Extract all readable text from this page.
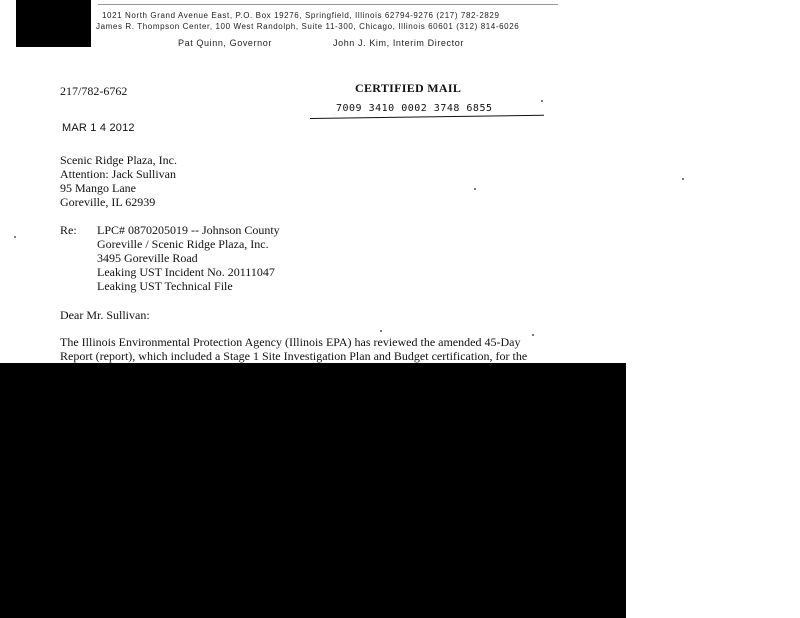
1021 North Grand Avenue East, P.O. Box 19276, Springfield, Illinois 62794-9276 (217) 782-2829
James R. Thompson Center, 100 West Randolph, Suite 11-300, Chicago, Illinois 60601 (312) 814-6026
Pat Quinn, Governor	John J. Kim, Interim Director
217/782-6762	CERTIFIED MAIL
7009 3410 0002 3748 6855
MAR 1 4 2012
Scenic Ridge Plaza, Inc.
Attention: Jack Sullivan
95 Mango Lane
Goreville, IL 62939
Re: LPC# 0870205019 -- Johnson County
Goreville / Scenic Ridge Plaza, Inc.
3495 Goreville Road
Leaking UST Incident No. 20111047
Leaking UST Technical File
Dear Mr. Sullivan:
The Illinois Environmental Protection Agency (Illinois EPA) has reviewed the amended 45-Day
Report (report), which included a Stage 1 Site Investigation Plan and Budget certification, for the
